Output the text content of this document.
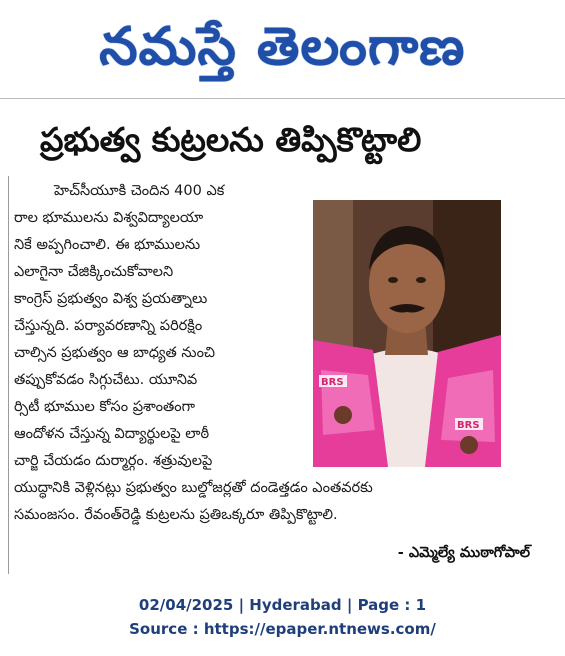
నమస్తే తెలంగాణ
ప్రభుత్వ కుట్రలను తిప్పికొట్టాలి
హెచ్‌సీయూకి చెందిన 400 ఎక
రాల భూములను విశ్వవిద్యాలయా
నికే అప్పగించాలి. ఈ భూములను
ఎలాగైనా చేజిక్కించుకోవాలని
కాంగ్రెస్ ప్రభుత్వం విశ్వ ప్రయత్నాలు
చేస్తున్నది. పర్యావరణాన్ని పరిరక్షిం
చాల్సిన ప్రభుత్వం ఆ బాధ్యత నుంచి
తప్పుకోవడం సిగ్గుచేటు. యూనివ
ర్సిటీ భూముల కోసం ప్రశాంతంగా
ఆందోళన చేస్తున్న విద్యార్థులపై లాఠీ
చార్జి చేయడం దుర్మార్గం. శత్రువులపై
యుద్ధానికి వెళ్లినట్లు ప్రభుత్వం బుల్డోజర్లతో దండెత్తడం ఎంతవరకు
సమంజసం. రేవంత్‌రెడ్డి కుట్రలను ప్రతిఒక్కరూ తిప్పికొట్టాలి.
- ఎమ్మెల్యే ముఠాగోపాల్
BRS
BRS
02/04/2025 | Hyderabad | Page : 1
Source : https://epaper.ntnews.com/
